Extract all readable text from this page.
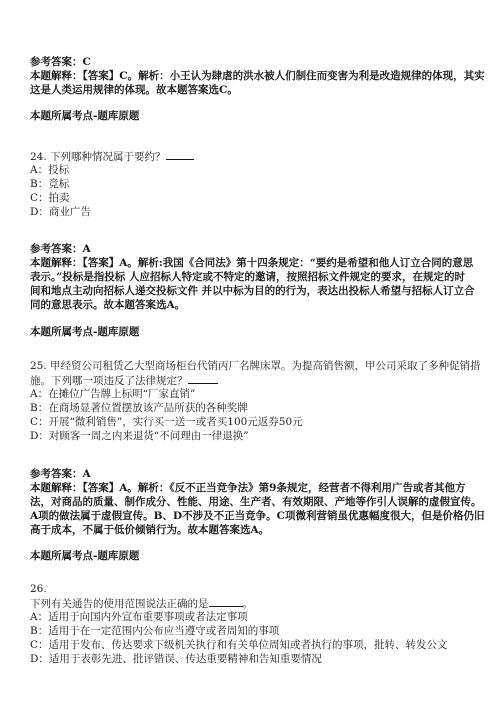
参考答案：C
本题解释：【答案】C。解析：小王认为肆虐的洪水被人们制住而变害为利是改造规律的体现，其实
这是人类运用规律的体现。故本题答案选C。
本题所属考点-题库原题
24. 下列哪种情况属于要约？
A：投标
B：竞标
C：拍卖
D：商业广告
参考答案：A
本题解释：【答案】A。解析:我国《合同法》第十四条规定：“要约是希望和他人订立合同的意思
表示。”投标是指投标 人应招标人特定或不特定的邀请，按照招标文件规定的要求，在规定的时
间和地点主动向招标人递交投标文件 并以中标为目的的行为，表达出投标人希望与招标人订立合
同的意思表示。故本题答案选A。
本题所属考点-题库原题
25. 甲经贸公司租赁乙大型商场柜台代销丙厂名牌床罩。为提高销售额，甲公司采取了多种促销措
施。下列哪一项违反了法律规定？
A：在摊位广告牌上标明“厂家直销”
B：在商场显著位置摆放该产品所获的各种奖牌
C：开展“微利销售”，实行买一送一或者买100元返券50元
D：对顾客一周之内来退货“不问理由一律退换”
参考答案：A
本题解释：【答案】A。解析：《反不正当竞争法》第9条规定，经营者不得利用广告或者其他方
法，对商品的质量、制作成分、性能、用途、生产者、有效期限、产地等作引人误解的虚假宣传。
A项的做法属于虚假宣传。B、D不涉及不正当竞争。C项微利营销虽优惠幅度很大，但是价格仍旧
高于成本，不属于低价倾销行为。故本题答案选A。
本题所属考点-题库原题
26.
下列有关通告的使用范围说法正确的是	。
A：适用于向国内外宣布重要事项或者法定事项
B：适用于在一定范围内公布应当遵守或者周知的事项
C：适用于发布、传达要求下级机关执行和有关单位周知或者执行的事项，批转、转发公文
D：适用于表彰先进、批评错误、传达重要精神和告知重要情况
